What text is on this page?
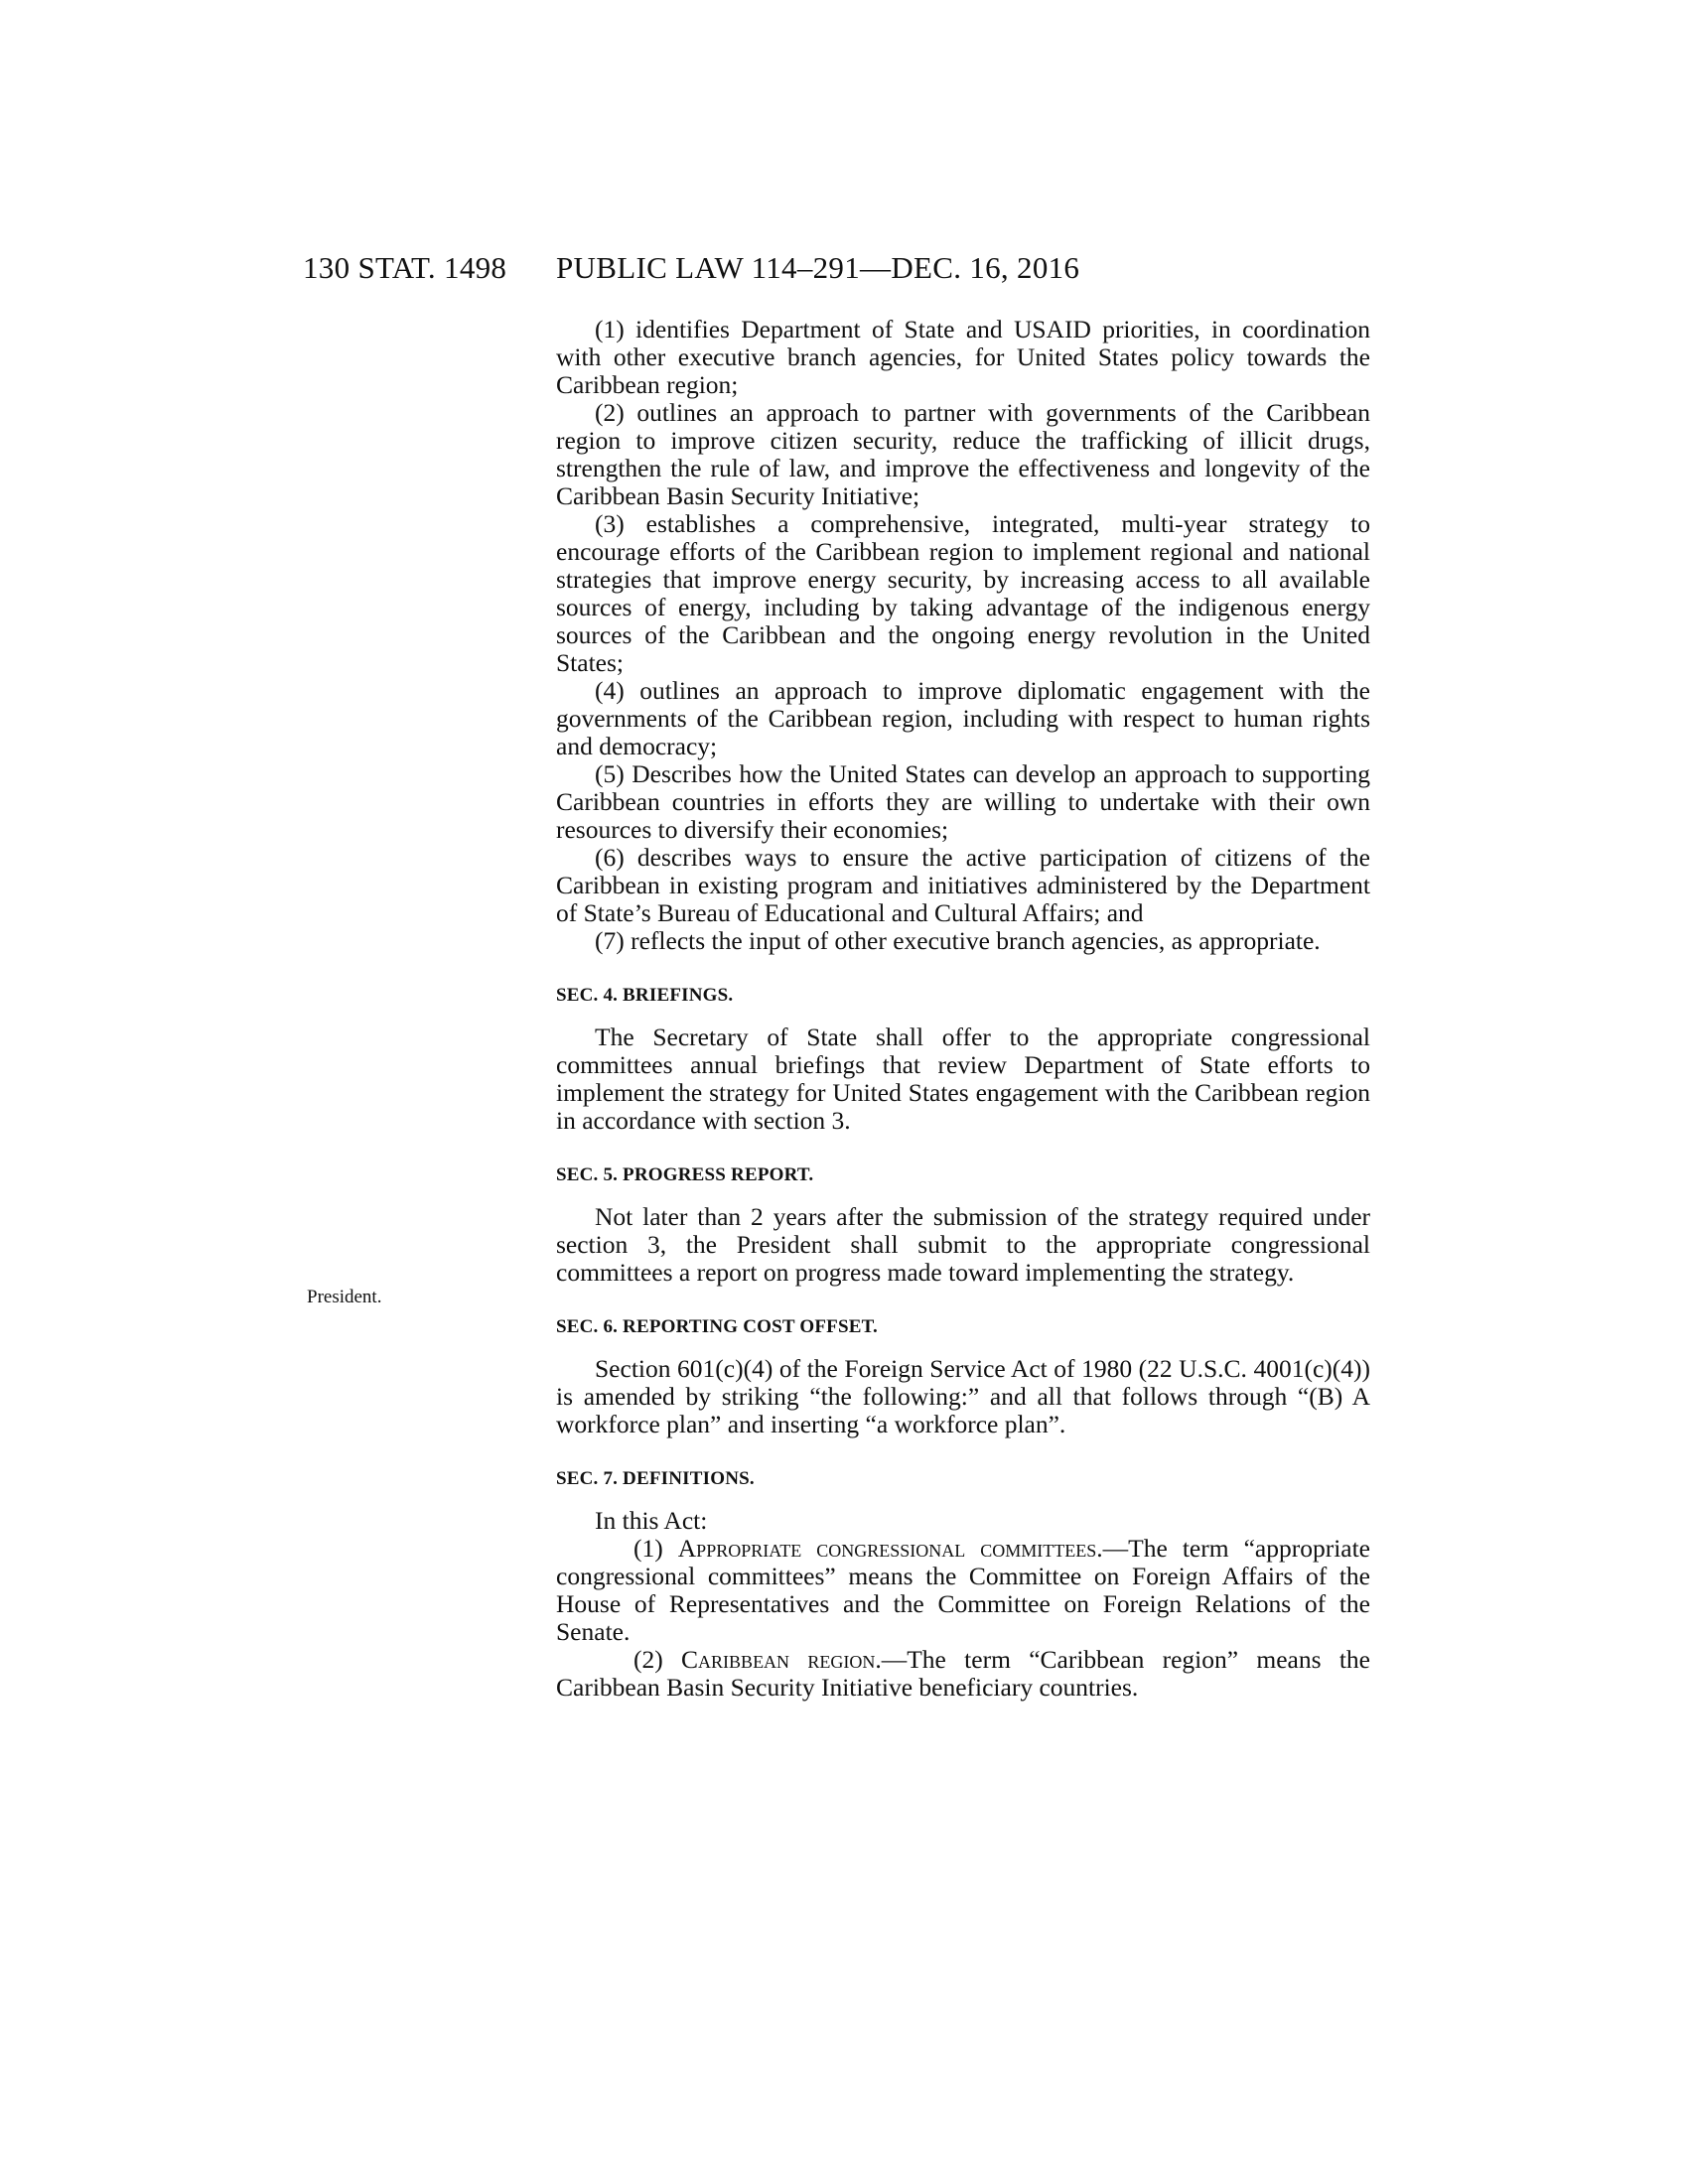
130 STAT. 1498 PUBLIC LAW 114–291—DEC. 16, 2016
President.

(1) identifies Department of State and USAID priorities, in coordination with other executive branch agencies, for United States policy towards the Caribbean region;

(2) outlines an approach to partner with governments of the Caribbean region to improve citizen security, reduce the trafficking of illicit drugs, strengthen the rule of law, and improve the effectiveness and longevity of the Caribbean Basin Security Initiative;

(3) establishes a comprehensive, integrated, multi-year strategy to encourage efforts of the Caribbean region to implement regional and national strategies that improve energy security, by increasing access to all available sources of energy, including by taking advantage of the indigenous energy sources of the Caribbean and the ongoing energy revolution in the United States;

(4) outlines an approach to improve diplomatic engagement with the governments of the Caribbean region, including with respect to human rights and democracy;

(5) Describes how the United States can develop an approach to supporting Caribbean countries in efforts they are willing to undertake with their own resources to diversify their economies;

(6) describes ways to ensure the active participation of citizens of the Caribbean in existing program and initiatives administered by the Department of State’s Bureau of Educational and Cultural Affairs; and

(7) reflects the input of other executive branch agencies, as appropriate.

SEC. 4. BRIEFINGS.

The Secretary of State shall offer to the appropriate congressional committees annual briefings that review Department of State efforts to implement the strategy for United States engagement with the Caribbean region in accordance with section 3.

SEC. 5. PROGRESS REPORT.

Not later than 2 years after the submission of the strategy required under section 3, the President shall submit to the appropriate congressional committees a report on progress made toward implementing the strategy.

SEC. 6. REPORTING COST OFFSET.

Section 601(c)(4) of the Foreign Service Act of 1980 (22 U.S.C. 4001(c)(4)) is amended by striking “the following:” and all that follows through “(B) A workforce plan” and inserting “a workforce plan”.

SEC. 7. DEFINITIONS.

In this Act:

(1) Appropriate congressional committees.—The term “appropriate congressional committees” means the Committee on Foreign Affairs of the House of Representatives and the Committee on Foreign Relations of the Senate.

(2) Caribbean region.—The term “Caribbean region” means the Caribbean Basin Security Initiative beneficiary countries.
